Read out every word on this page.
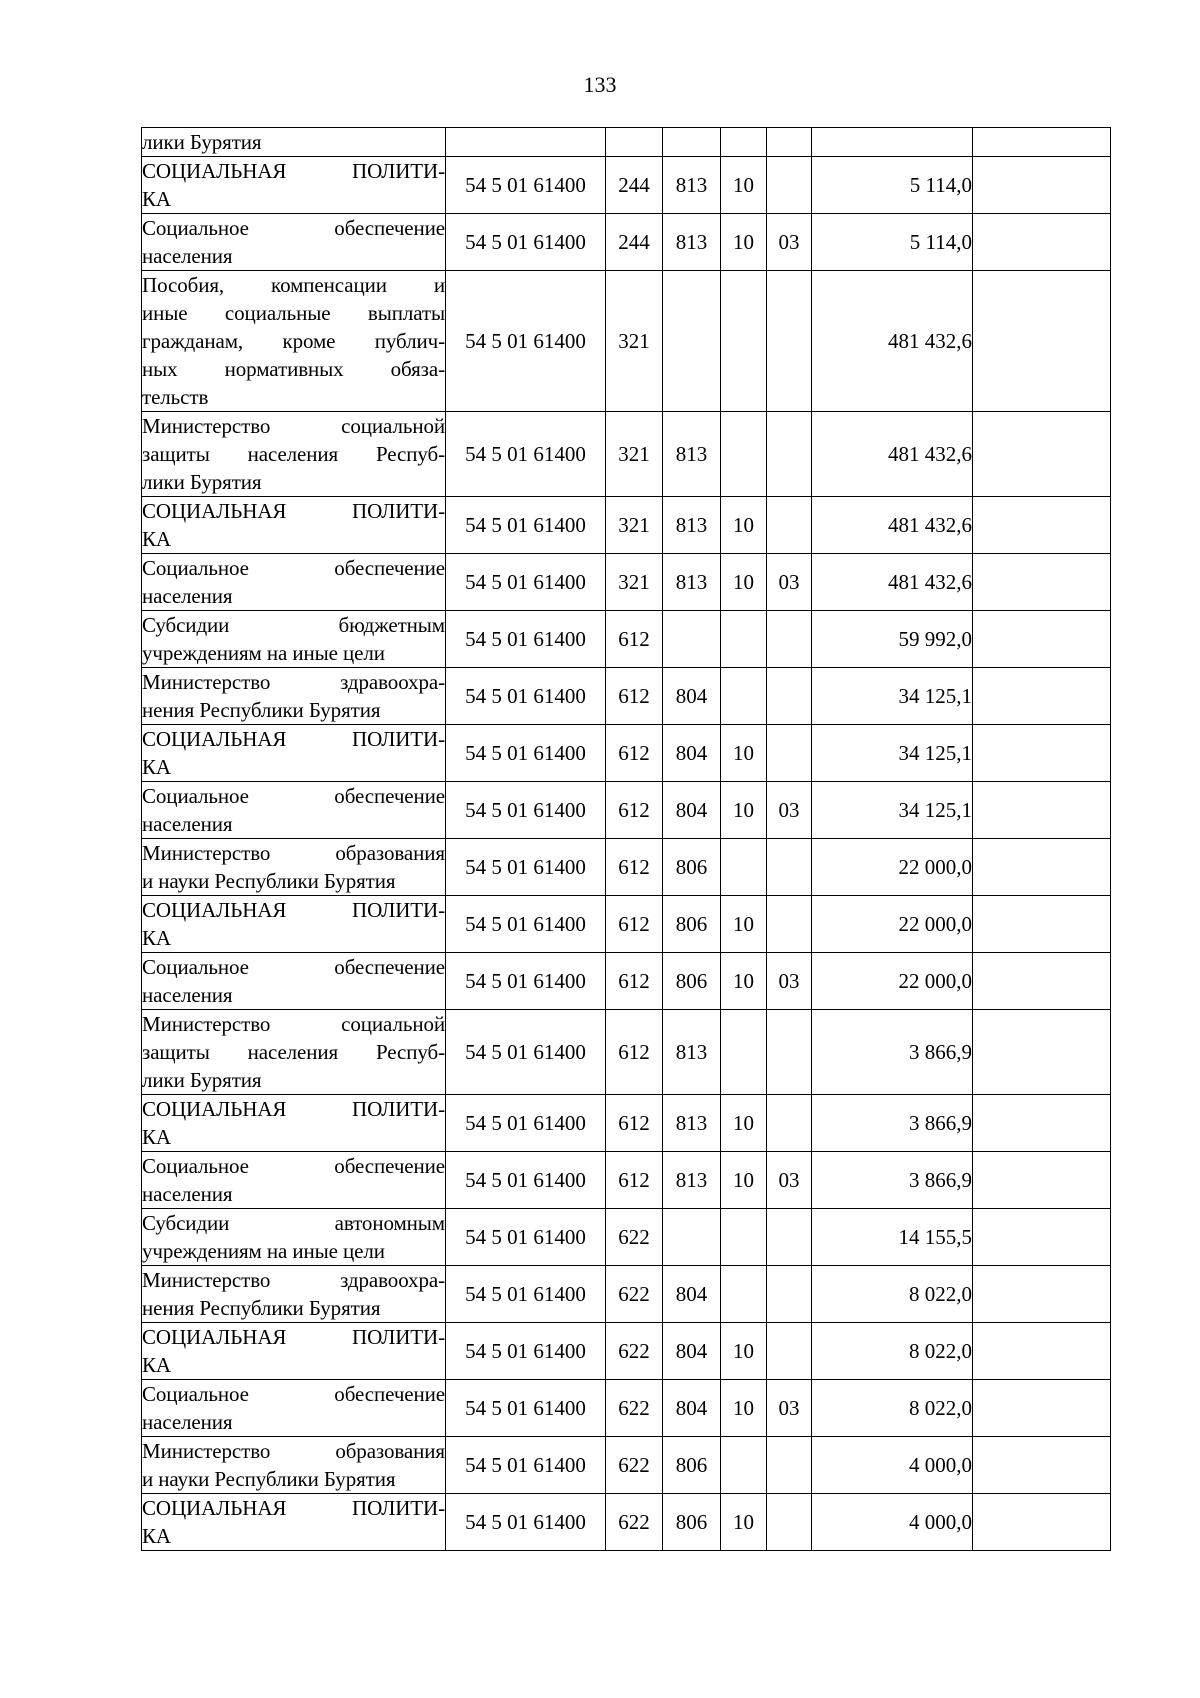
133
лики Бурятия							

СОЦИАЛЬНАЯ ПОЛИТИ-
КА	54 5 01 61400	244	813	10		5 114,0	

Социальное обеспечение
населения	54 5 01 61400	244	813	10	03	5 114,0	

Пособия, компенсации и
иные социальные выплаты
гражданам, кроме публич-
ных нормативных обяза-
тельств	54 5 01 61400	321				481 432,6	

Министерство социальной
защиты населения Респуб-
лики Бурятия	54 5 01 61400	321	813			481 432,6	

СОЦИАЛЬНАЯ ПОЛИТИ-
КА	54 5 01 61400	321	813	10		481 432,6	

Социальное обеспечение
населения	54 5 01 61400	321	813	10	03	481 432,6	

Субсидии бюджетным
учреждениям на иные цели	54 5 01 61400	612				59 992,0	

Министерство здравоохра-
нения Республики Бурятия	54 5 01 61400	612	804			34 125,1	

СОЦИАЛЬНАЯ ПОЛИТИ-
КА	54 5 01 61400	612	804	10		34 125,1	

Социальное обеспечение
населения	54 5 01 61400	612	804	10	03	34 125,1	

Министерство образования
и науки Республики Бурятия	54 5 01 61400	612	806			22 000,0	

СОЦИАЛЬНАЯ ПОЛИТИ-
КА	54 5 01 61400	612	806	10		22 000,0	

Социальное обеспечение
населения	54 5 01 61400	612	806	10	03	22 000,0	

Министерство социальной
защиты населения Респуб-
лики Бурятия	54 5 01 61400	612	813			3 866,9	

СОЦИАЛЬНАЯ ПОЛИТИ-
КА	54 5 01 61400	612	813	10		3 866,9	

Социальное обеспечение
населения	54 5 01 61400	612	813	10	03	3 866,9	

Субсидии автономным
учреждениям на иные цели	54 5 01 61400	622				14 155,5	

Министерство здравоохра-
нения Республики Бурятия	54 5 01 61400	622	804			8 022,0	

СОЦИАЛЬНАЯ ПОЛИТИ-
КА	54 5 01 61400	622	804	10		8 022,0	

Социальное обеспечение
населения	54 5 01 61400	622	804	10	03	8 022,0	

Министерство образования
и науки Республики Бурятия	54 5 01 61400	622	806			4 000,0	

СОЦИАЛЬНАЯ ПОЛИТИ-
КА	54 5 01 61400	622	806	10		4 000,0	
